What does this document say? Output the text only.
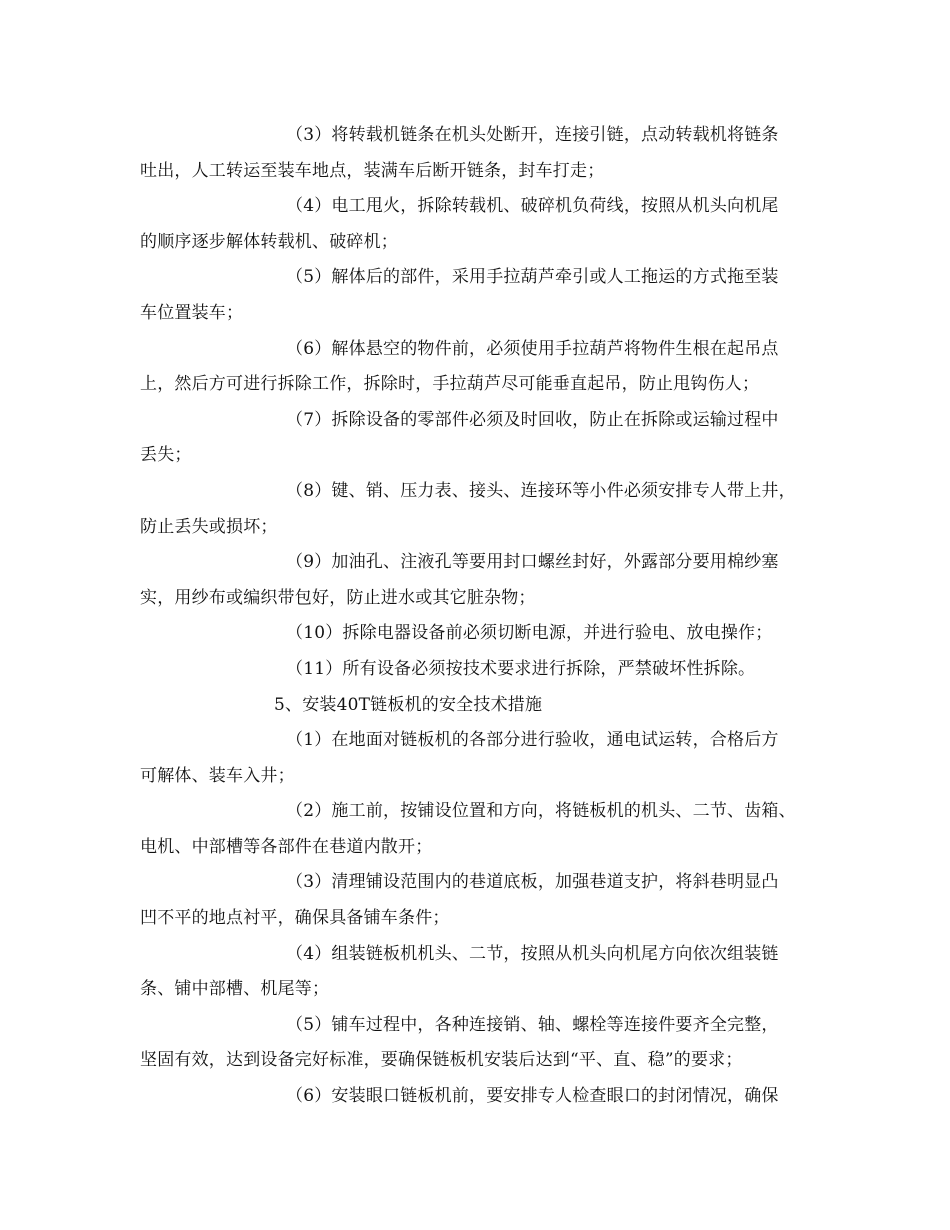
（3）将转载机链条在机头处断开，连接引链，点动转载机将链条
吐出，人工转运至装车地点，装满车后断开链条，封车打走；
（4）电工甩火，拆除转载机、破碎机负荷线，按照从机头向机尾
的顺序逐步解体转载机、破碎机；
（5）解体后的部件，采用手拉葫芦牵引或人工拖运的方式拖至装
车位置装车；
（6）解体悬空的物件前，必须使用手拉葫芦将物件生根在起吊点
上，然后方可进行拆除工作，拆除时，手拉葫芦尽可能垂直起吊，防止甩钩伤人；
（7）拆除设备的零部件必须及时回收，防止在拆除或运输过程中
丢失；
（8）键、销、压力表、接头、连接环等小件必须安排专人带上井，
防止丢失或损坏；
（9）加油孔、注液孔等要用封口螺丝封好，外露部分要用棉纱塞
实，用纱布或编织带包好，防止进水或其它脏杂物；
（10）拆除电器设备前必须切断电源，并进行验电、放电操作；
（11）所有设备必须按技术要求进行拆除，严禁破坏性拆除。
5、安装40T链板机的安全技术措施
（1）在地面对链板机的各部分进行验收，通电试运转，合格后方
可解体、装车入井；
（2）施工前，按铺设位置和方向，将链板机的机头、二节、齿箱、
电机、中部槽等各部件在巷道内散开；
（3）清理铺设范围内的巷道底板，加强巷道支护，将斜巷明显凸
凹不平的地点衬平，确保具备铺车条件；
（4）组装链板机机头、二节，按照从机头向机尾方向依次组装链
条、铺中部槽、机尾等；
（5）铺车过程中，各种连接销、轴、螺栓等连接件要齐全完整，
坚固有效，达到设备完好标准，要确保链板机安装后达到“平、直、稳”的要求；
（6）安装眼口链板机前，要安排专人检查眼口的封闭情况，确保
